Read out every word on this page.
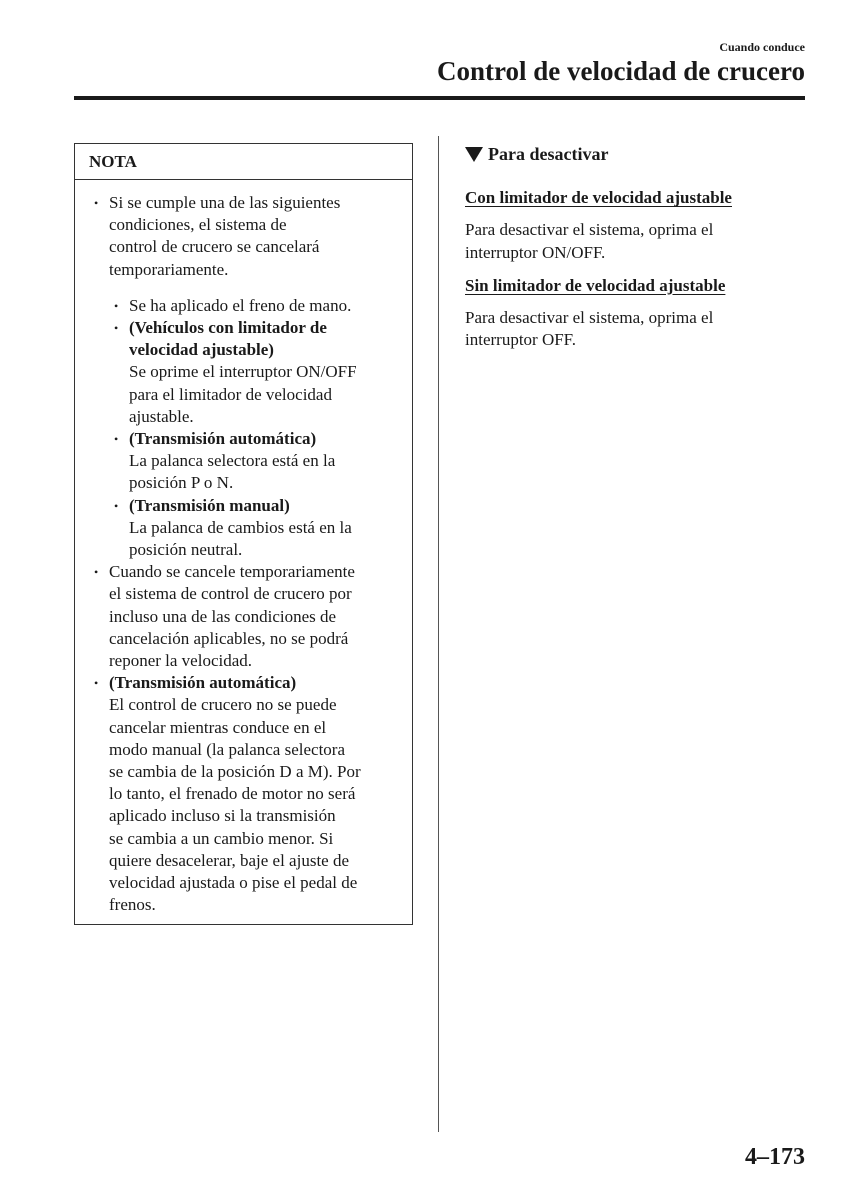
Cuando conduce
Control de velocidad de crucero
NOTA
• Si se cumple una de las siguientes
condiciones, el sistema de
control de crucero se cancelará
temporariamente.
• Se ha aplicado el freno de mano.
• (Vehículos con limitador de
velocidad ajustable)
Se oprime el interruptor ON/OFF
para el limitador de velocidad
ajustable.
• (Transmisión automática)
La palanca selectora está en la
posición P o N.
• (Transmisión manual)
La palanca de cambios está en la
posición neutral.
• Cuando se cancele temporariamente
el sistema de control de crucero por
incluso una de las condiciones de
cancelación aplicables, no se podrá
reponer la velocidad.
• (Transmisión automática)
El control de crucero no se puede
cancelar mientras conduce en el
modo manual (la palanca selectora
se cambia de la posición D a M). Por
lo tanto, el frenado de motor no será
aplicado incluso si la transmisión
se cambia a un cambio menor. Si
quiere desacelerar, baje el ajuste de
velocidad ajustada o pise el pedal de
frenos.
Para desactivar
Con limitador de velocidad ajustable
Para desactivar el sistema, oprima el
interruptor ON/OFF.
Sin limitador de velocidad ajustable
Para desactivar el sistema, oprima el
interruptor OFF.
4–173
